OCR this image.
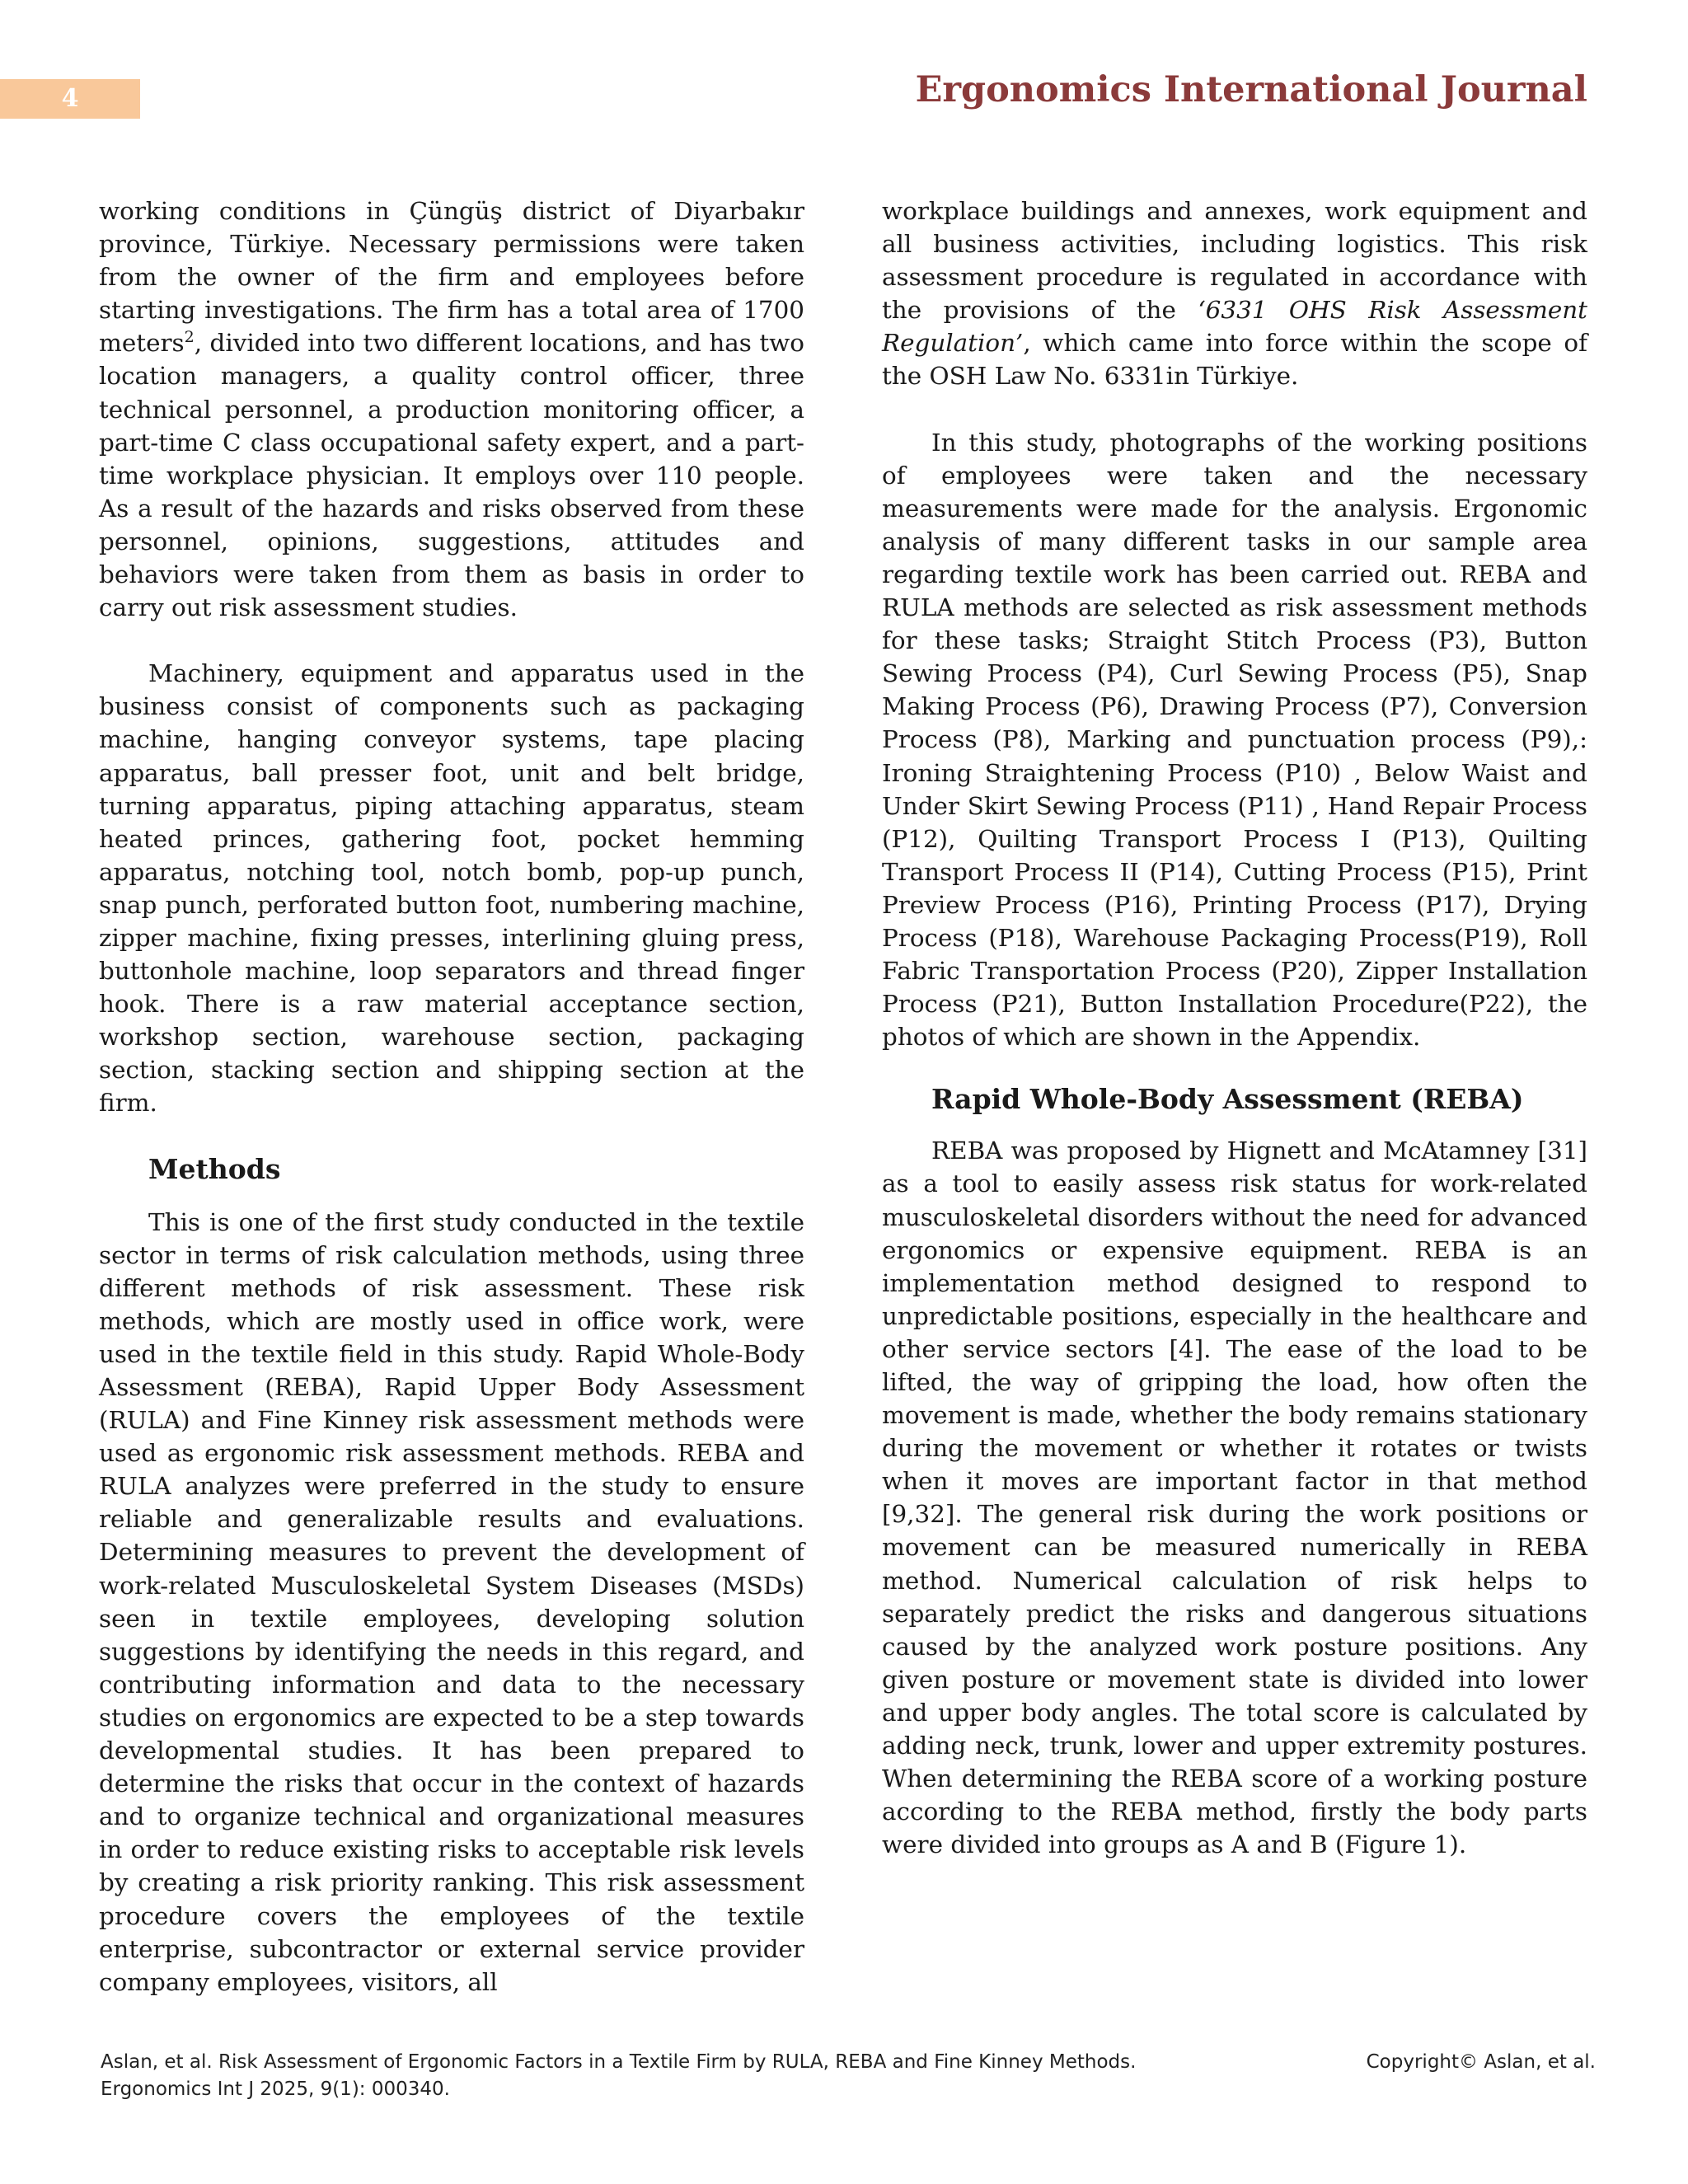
4	Ergonomics International Journal

working conditions in Çüngüş district of Diyarbakır province, Türkiye. Necessary permissions were taken from the owner of the firm and employees before starting investigations. The firm has a total area of 1700 meters$^2$, divided into two different locations, and has two location managers, a quality control officer, three technical personnel, a production monitoring officer, a part-time C class occupational safety expert, and a part-time workplace physician. It employs over 110 people. As a result of the hazards and risks observed from these personnel, opinions, suggestions, attitudes and behaviors were taken from them as basis in order to carry out risk assessment studies.

Machinery, equipment and apparatus used in the business consist of components such as packaging machine, hanging conveyor systems, tape placing apparatus, ball presser foot, unit and belt bridge, turning apparatus, piping attaching apparatus, steam heated princes, gathering foot, pocket hemming apparatus, notching tool, notch bomb, pop-up punch, snap punch, perforated button foot, numbering machine, zipper machine, fixing presses, interlining gluing press, buttonhole machine, loop separators and thread finger hook. There is a raw material acceptance section, workshop section, warehouse section, packaging section, stacking section and shipping section at the firm.

Methods

This is one of the first study conducted in the textile sector in terms of risk calculation methods, using three different methods of risk assessment. These risk methods, which are mostly used in office work, were used in the textile field in this study. Rapid Whole-Body Assessment (REBA), Rapid Upper Body Assessment (RULA) and Fine Kinney risk assessment methods were used as ergonomic risk assessment methods. REBA and RULA analyzes were preferred in the study to ensure reliable and generalizable results and evaluations. Determining measures to prevent the development of work-related Musculoskeletal System Diseases (MSDs) seen in textile employees, developing solution suggestions by identifying the needs in this regard, and contributing information and data to the necessary studies on ergonomics are expected to be a step towards developmental studies. It has been prepared to determine the risks that occur in the context of hazards and to organize technical and organizational measures in order to reduce existing risks to acceptable risk levels by creating a risk priority ranking. This risk assessment procedure covers the employees of the textile enterprise, subcontractor or external service provider company employees, visitors, all

workplace buildings and annexes, work equipment and all business activities, including logistics. This risk assessment procedure is regulated in accordance with the provisions of the ‘6331 OHS Risk Assessment Regulation’, which came into force within the scope of the OSH Law No. 6331in Türkiye.

In this study, photographs of the working positions of employees were taken and the necessary measurements were made for the analysis. Ergonomic analysis of many different tasks in our sample area regarding textile work has been carried out. REBA and RULA methods are selected as risk assessment methods for these tasks; Straight Stitch Process (P3), Button Sewing Process (P4), Curl Sewing Process (P5), Snap Making Process (P6), Drawing Process (P7), Conversion Process (P8), Marking and punctuation process (P9),: Ironing Straightening Process (P10) , Below Waist and Under Skirt Sewing Process (P11) , Hand Repair Process (P12), Quilting Transport Process I (P13), Quilting Transport Process II (P14), Cutting Process (P15), Print Preview Process (P16), Printing Process (P17), Drying Process (P18), Warehouse Packaging Process(P19), Roll Fabric Transportation Process (P20), Zipper Installation Process (P21), Button Installation Procedure(P22), the photos of which are shown in the Appendix.

Rapid Whole-Body Assessment (REBA)

REBA was proposed by Hignett and McAtamney [31] as a tool to easily assess risk status for work-related musculoskeletal disorders without the need for advanced ergonomics or expensive equipment. REBA is an implementation method designed to respond to unpredictable positions, especially in the healthcare and other service sectors [4]. The ease of the load to be lifted, the way of gripping the load, how often the movement is made, whether the body remains stationary during the movement or whether it rotates or twists when it moves are important factor in that method [9,32]. The general risk during the work positions or movement can be measured numerically in REBA method. Numerical calculation of risk helps to separately predict the risks and dangerous situations caused by the analyzed work posture positions. Any given posture or movement state is divided into lower and upper body angles. The total score is calculated by adding neck, trunk, lower and upper extremity postures. When determining the REBA score of a working posture according to the REBA method, firstly the body parts were divided into groups as A and B (Figure 1).

Aslan, et al. Risk Assessment of Ergonomic Factors in a Textile Firm by RULA, REBA and Fine Kinney Methods.
Ergonomics Int J 2025, 9(1): 000340.
Copyright© Aslan, et al.
